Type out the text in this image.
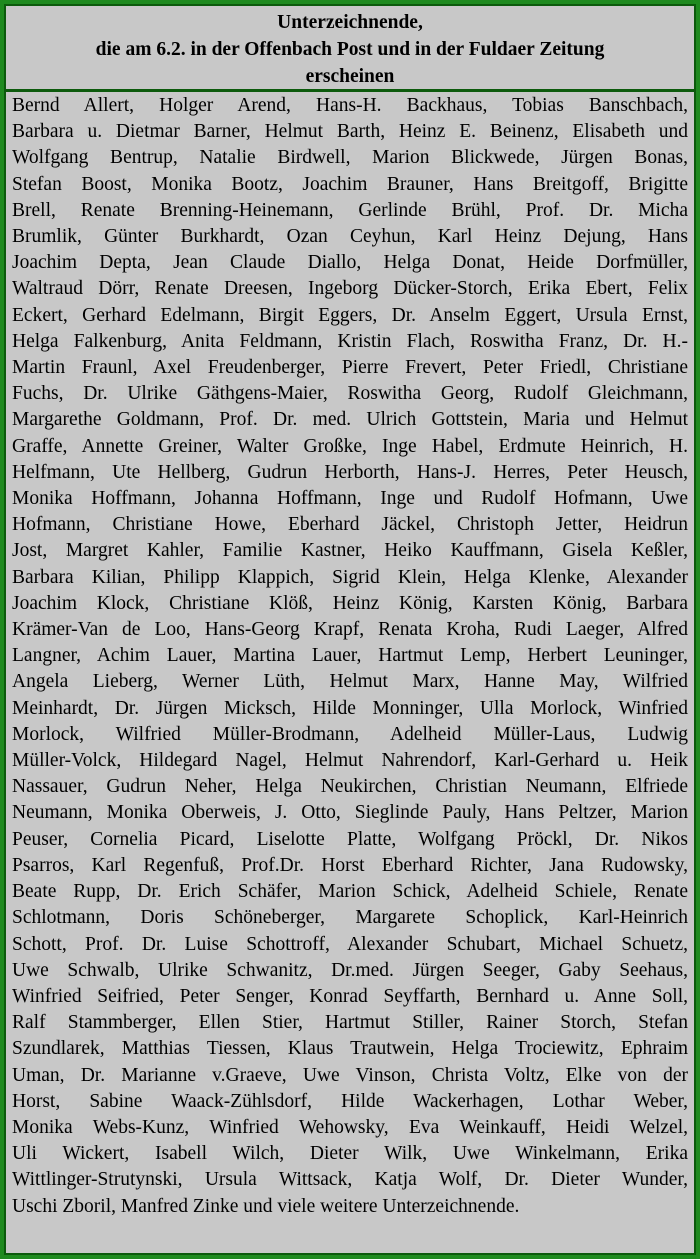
Unterzeichnende,
die am 6.2. in der Offenbach Post und in der Fuldaer Zeitung
erscheinen
Bernd Allert, Holger Arend, Hans-H. Backhaus, Tobias Banschbach,
Barbara u. Dietmar Barner, Helmut Barth, Heinz E. Beinenz, Elisabeth und
Wolfgang Bentrup, Natalie Birdwell, Marion Blickwede, Jürgen Bonas,
Stefan Boost, Monika Bootz, Joachim Brauner, Hans Breitgoff, Brigitte
Brell, Renate Brenning-Heinemann, Gerlinde Brühl, Prof. Dr. Micha
Brumlik, Günter Burkhardt, Ozan Ceyhun, Karl Heinz Dejung, Hans
Joachim Depta, Jean Claude Diallo, Helga Donat, Heide Dorfmüller,
Waltraud Dörr, Renate Dreesen, Ingeborg Dücker-Storch, Erika Ebert, Felix
Eckert, Gerhard Edelmann, Birgit Eggers, Dr. Anselm Eggert, Ursula Ernst,
Helga Falkenburg, Anita Feldmann, Kristin Flach, Roswitha Franz, Dr. H.-
Martin Fraunl, Axel Freudenberger, Pierre Frevert, Peter Friedl, Christiane
Fuchs, Dr. Ulrike Gäthgens-Maier, Roswitha Georg, Rudolf Gleichmann,
Margarethe Goldmann, Prof. Dr. med. Ulrich Gottstein, Maria und Helmut
Graffe, Annette Greiner, Walter Großke, Inge Habel, Erdmute Heinrich, H.
Helfmann, Ute Hellberg, Gudrun Herborth, Hans-J. Herres, Peter Heusch,
Monika Hoffmann, Johanna Hoffmann, Inge und Rudolf Hofmann, Uwe
Hofmann, Christiane Howe, Eberhard Jäckel, Christoph Jetter, Heidrun
Jost, Margret Kahler, Familie Kastner, Heiko Kauffmann, Gisela Keßler,
Barbara Kilian, Philipp Klappich, Sigrid Klein, Helga Klenke, Alexander
Joachim Klock, Christiane Klöß, Heinz König, Karsten König, Barbara
Krämer-Van de Loo, Hans-Georg Krapf, Renata Kroha, Rudi Laeger, Alfred
Langner, Achim Lauer, Martina Lauer, Hartmut Lemp, Herbert Leuninger,
Angela Lieberg, Werner Lüth, Helmut Marx, Hanne May, Wilfried
Meinhardt, Dr. Jürgen Micksch, Hilde Monninger, Ulla Morlock, Winfried
Morlock, Wilfried Müller-Brodmann, Adelheid Müller-Laus, Ludwig
Müller-Volck, Hildegard Nagel, Helmut Nahrendorf, Karl-Gerhard u. Heik
Nassauer, Gudrun Neher, Helga Neukirchen, Christian Neumann, Elfriede
Neumann, Monika Oberweis, J. Otto, Sieglinde Pauly, Hans Peltzer, Marion
Peuser, Cornelia Picard, Liselotte Platte, Wolfgang Pröckl, Dr. Nikos
Psarros, Karl Regenfuß, Prof.Dr. Horst Eberhard Richter, Jana Rudowsky,
Beate Rupp, Dr. Erich Schäfer, Marion Schick, Adelheid Schiele, Renate
Schlotmann, Doris Schöneberger, Margarete Schoplick, Karl-Heinrich
Schott, Prof. Dr. Luise Schottroff, Alexander Schubart, Michael Schuetz,
Uwe Schwalb, Ulrike Schwanitz, Dr.med. Jürgen Seeger, Gaby Seehaus,
Winfried Seifried, Peter Senger, Konrad Seyffarth, Bernhard u. Anne Soll,
Ralf Stammberger, Ellen Stier, Hartmut Stiller, Rainer Storch, Stefan
Szundlarek, Matthias Tiessen, Klaus Trautwein, Helga Trociewitz, Ephraim
Uman, Dr. Marianne v.Graeve, Uwe Vinson, Christa Voltz, Elke von der
Horst, Sabine Waack-Zühlsdorf, Hilde Wackerhagen, Lothar Weber,
Monika Webs-Kunz, Winfried Wehowsky, Eva Weinkauff, Heidi Welzel,
Uli Wickert, Isabell Wilch, Dieter Wilk, Uwe Winkelmann, Erika
Wittlinger-Strutynski, Ursula Wittsack, Katja Wolf, Dr. Dieter Wunder,
Uschi Zboril, Manfred Zinke und viele weitere Unterzeichnende.
